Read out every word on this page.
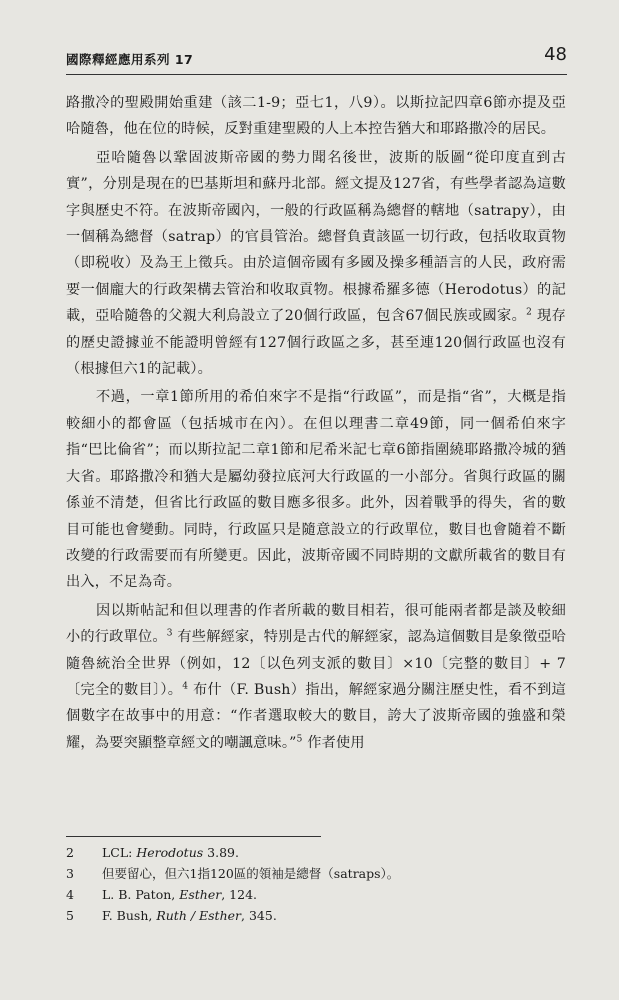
國際釋經應用系列 17	48

路撒冷的聖殿開始重建（該二1-9；亞七1，八9）。以斯拉記四章6節亦提及亞哈隨魯，他在位的時候，反對重建聖殿的人上本控告猶大和耶路撒冷的居民。

亞哈隨魯以鞏固波斯帝國的勢力聞名後世，波斯的版圖“從印度直到古實”，分別是現在的巴基斯坦和蘇丹北部。經文提及127省，有些學者認為這數字與歷史不符。在波斯帝國內，一般的行政區稱為總督的轄地（satrapy），由一個稱為總督（satrap）的官員管治。總督負責該區一切行政，包括收取貢物（即税收）及為王上徵兵。由於這個帝國有多國及操多種語言的人民，政府需要一個龐大的行政架構去管治和收取貢物。根據希羅多德（Herodotus）的記載，亞哈隨魯的父親大利烏設立了20個行政區，包含67個民族或國家。$^2$ 現存的歷史證據並不能證明曾經有127個行政區之多，甚至連120個行政區也沒有（根據但六1的記載）。

不過，一章1節所用的希伯來字不是指“行政區”，而是指“省”，大概是指較細小的都會區（包括城市在內）。在但以理書二章49節，同一個希伯來字指“巴比倫省”；而以斯拉記二章1節和尼希米記七章6節指圍繞耶路撒冷城的猶大省。耶路撒冷和猶大是屬幼發拉底河大行政區的一小部分。省與行政區的關係並不清楚，但省比行政區的數目應多很多。此外，因着戰爭的得失，省的數目可能也會變動。同時，行政區只是隨意設立的行政單位，數目也會隨着不斷改變的行政需要而有所變更。因此，波斯帝國不同時期的文獻所載省的數目有出入，不足為奇。

因以斯帖記和但以理書的作者所載的數目相若，很可能兩者都是談及較細小的行政單位。$^3$ 有些解經家，特別是古代的解經家，認為這個數目是象徵亞哈隨魯統治全世界（例如，12〔以色列支派的數目〕×10〔完整的數目〕+ 7〔完全的數目〕）。$^4$ 布什（F. Bush）指出，解經家過分關注歷史性，看不到這個數字在故事中的用意：“作者選取較大的數目，誇大了波斯帝國的強盛和榮耀，為要突顯整章經文的嘲諷意味。”$^5$ 作者使用

2	LCL: Herodotus 3.89.
3	但要留心，但六1指120區的領袖是總督（satraps）。
4	L. B. Paton, Esther, 124.
5	F. Bush, Ruth / Esther, 345.
